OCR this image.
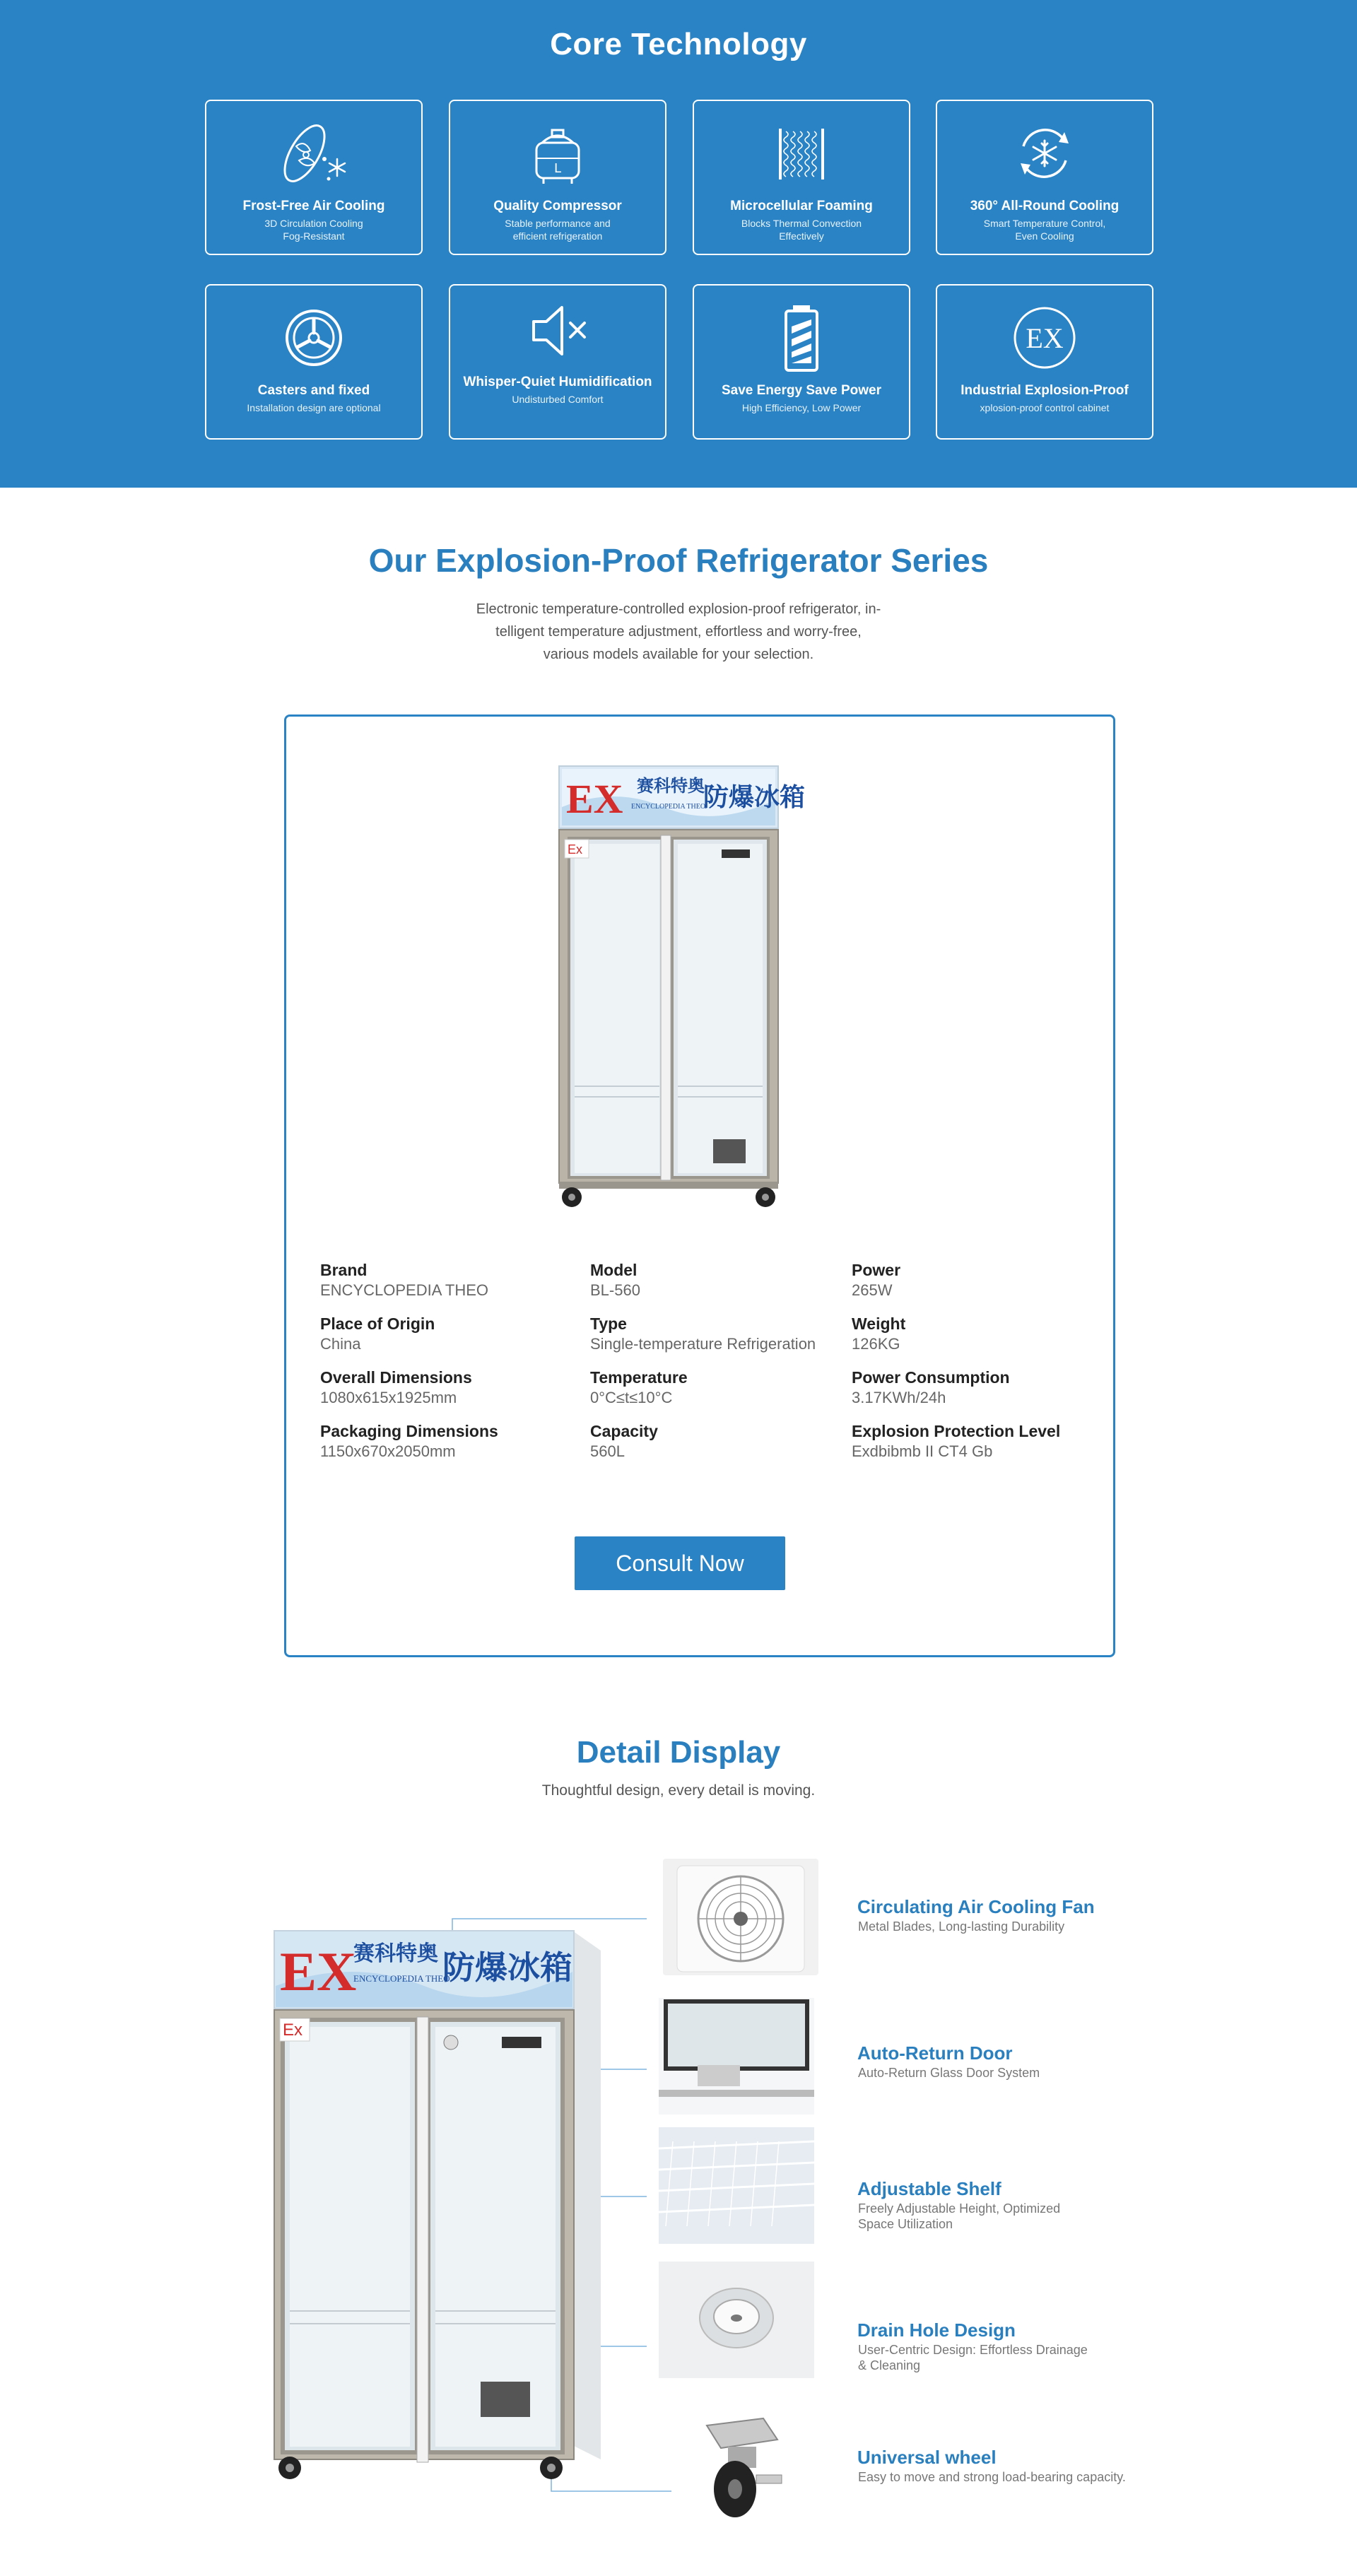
Core Technology
Frost-Free Air Cooling
3D Circulation Cooling
Fog-Resistant
L
Quality Compressor
Stable performance and
efficient refrigeration
Microcellular Foaming
Blocks Thermal Convection
Effectively
360° All-Round Cooling
Smart Temperature Control,
Even Cooling
Casters and fixed
Installation design are optional
Whisper-Quiet Humidification
Undisturbed Comfort
Save Energy Save Power
High Efficiency, Low Power
EX
Industrial Explosion-Proof
xplosion-proof control cabinet
Our Explosion-Proof Refrigerator Series

Electronic temperature-controlled explosion-proof refrigerator, in-
telligent temperature adjustment, effortless and worry-free,
various models available for your selection.

EX 赛科特奥
ENCYCLOPEDIA THEO
防爆冰箱
Ex
Brand
ENCYCLOPEDIA THEO
Model
BL-560
Power
265W
Place of Origin
China
Type
Single-temperature Refrigeration
Weight
126KG
Overall Dimensions
1080x615x1925mm
Temperature
0°C≤t≤10°C
Power Consumption
3.17KWh/24h
Packaging Dimensions
1150x670x2050mm
Capacity
560L
Explosion Protection Level
Exdbibmb II CT4 Gb
Consult Now
Detail Display

Thoughtful design, every detail is moving.

EX
赛科特奥
ENCYCLOPEDIA THEO
防爆冰箱
Ex
Circulating Air Cooling Fan
Metal Blades, Long-lasting Durability
Auto-Return Door
Auto-Return Glass Door System
Adjustable Shelf
Freely Adjustable Height, Optimized
Space Utilization
Drain Hole Design
User-Centric Design: Effortless Drainage
& Cleaning
Universal wheel
Easy to move and strong load-bearing capacity.
